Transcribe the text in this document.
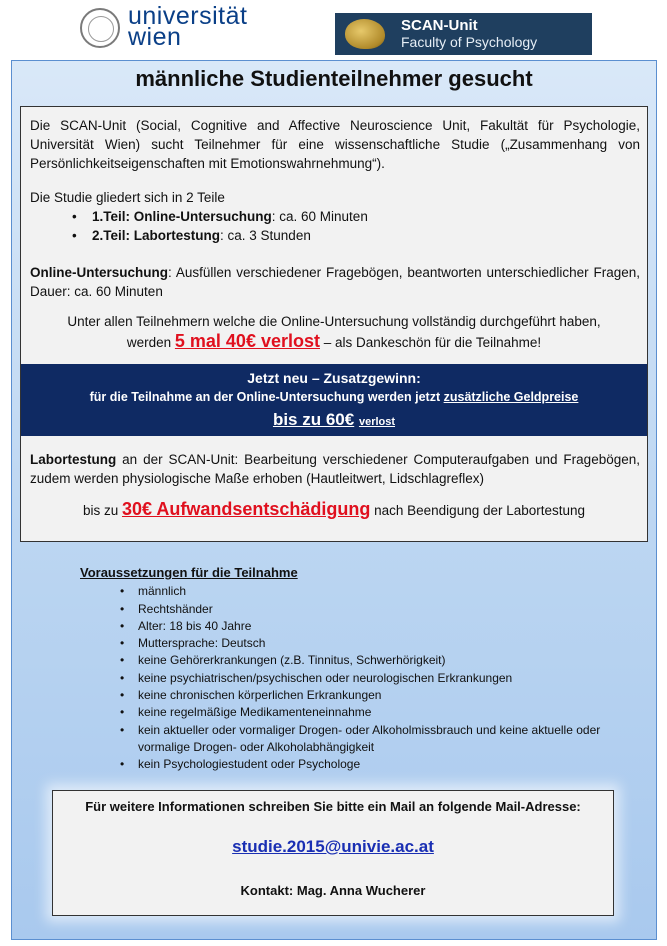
universität
wien	SCAN-Unit
Faculty of Psychology
männliche Studienteilnehmer gesucht
Die SCAN-Unit (Social, Cognitive and Affective Neuroscience Unit, Fakultät für Psychologie, Universität Wien) sucht Teilnehmer für eine wissenschaftliche Studie („Zusammenhang von Persönlichkeitseigenschaften mit Emotionswahrnehmung“).
Die Studie gliedert sich in 2 Teile
• 1.Teil: Online-Untersuchung: ca. 60 Minuten
• 2.Teil: Labortestung: ca. 3 Stunden
Online-Untersuchung: Ausfüllen verschiedener Fragebögen, beantworten unterschiedlicher Fragen, Dauer: ca. 60 Minuten
Unter allen Teilnehmern welche die Online-Untersuchung vollständig durchgeführt haben,
werden 5 mal 40€ verlost – als Dankeschön für die Teilnahme!
Jetzt neu – Zusatzgewinn:
für die Teilnahme an der Online-Untersuchung werden jetzt zusätzliche Geldpreise
bis zu 60€ verlost
Labortestung an der SCAN-Unit: Bearbeitung verschiedener Computeraufgaben und Fragebögen, zudem werden physiologische Maße erhoben (Hautleitwert, Lidschlagreflex)
bis zu 30€ Aufwandsentschädigung nach Beendigung der Labortestung
Voraussetzungen für die Teilnahme
• männlich
• Rechtshänder
• Alter: 18 bis 40 Jahre
• Muttersprache: Deutsch
• keine Gehörerkrankungen (z.B. Tinnitus, Schwerhörigkeit)
• keine psychiatrischen/psychischen oder neurologischen Erkrankungen
• keine chronischen körperlichen Erkrankungen
• keine regelmäßige Medikamenteneinnahme
• kein aktueller oder vormaliger Drogen- oder Alkoholmissbrauch und keine aktuelle oder vormalige Drogen- oder Alkoholabhängigkeit
• kein Psychologiestudent oder Psychologe
Für weitere Informationen schreiben Sie bitte ein Mail an folgende Mail-Adresse:
studie.2015@univie.ac.at
Kontakt: Mag. Anna Wucherer
